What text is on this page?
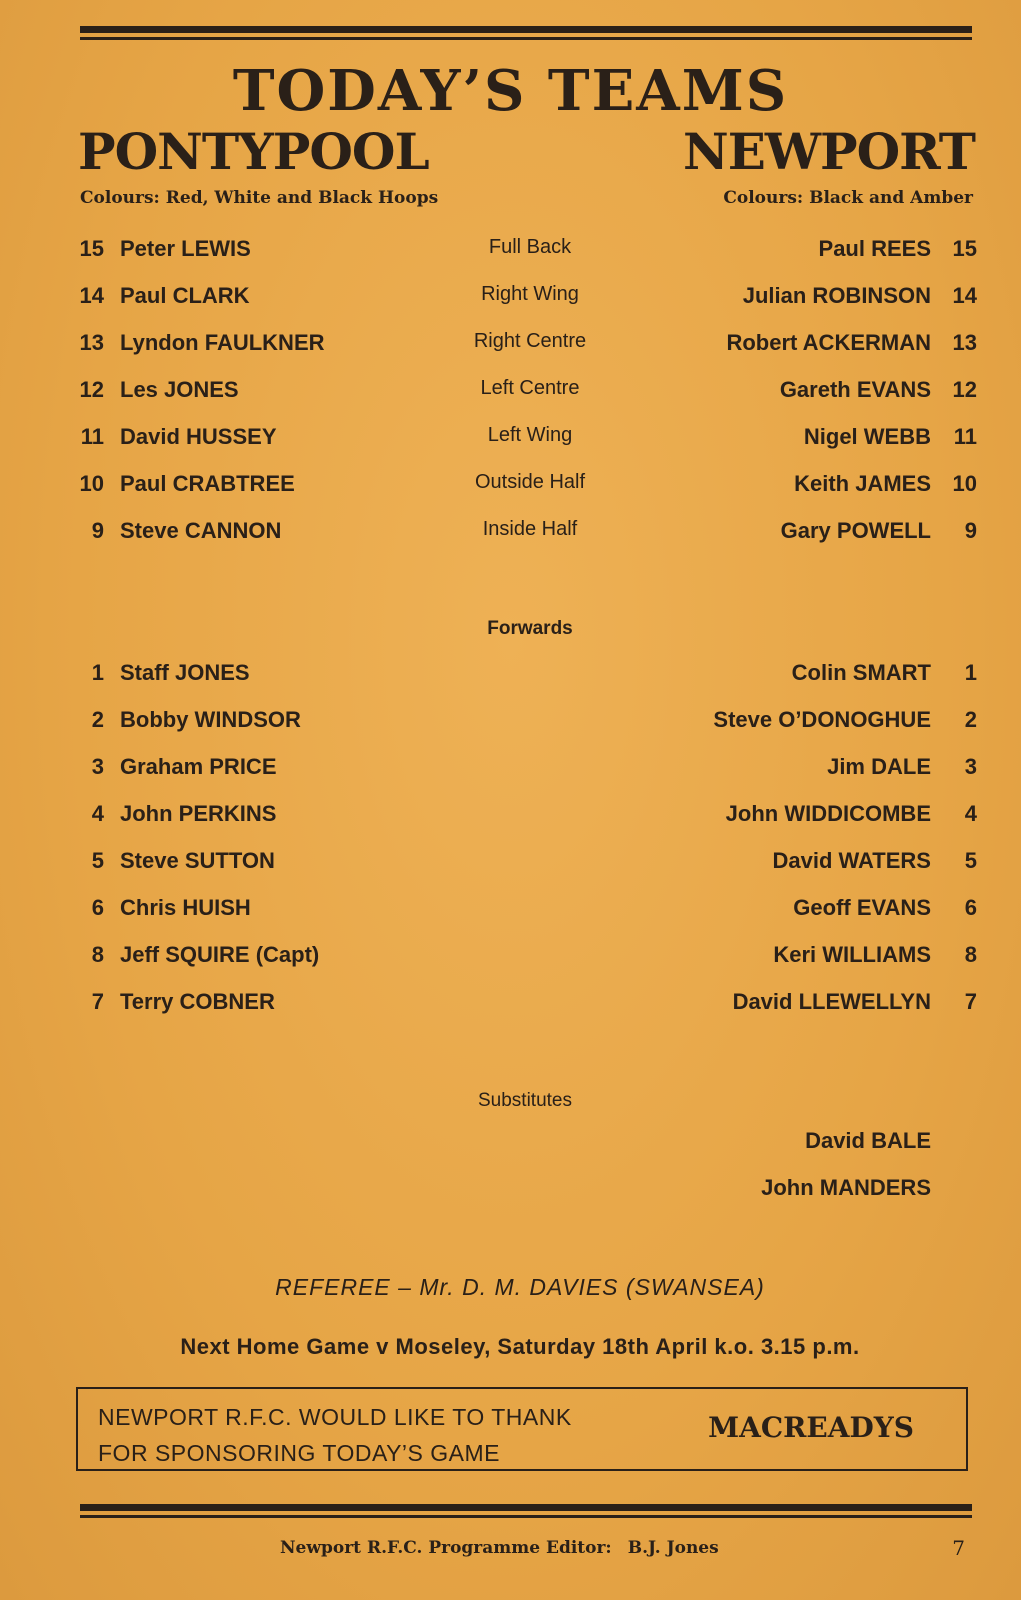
TODAY’S TEAMS
PONTYPOOL	NEWPORT
Colours: Red, White and Black Hoops	Colours: Black and Amber
15 Peter LEWIS	Full Back	Paul REES 15
14 Paul CLARK	Right Wing	Julian ROBINSON 14
13 Lyndon FAULKNER	Right Centre	Robert ACKERMAN 13
12 Les JONES	Left Centre	Gareth EVANS 12
11 David HUSSEY	Left Wing	Nigel WEBB	11
10 Paul CRABTREE	Outside Half	Keith JAMES 10
9 Steve CANNON	Inside Half	Gary POWELL	9
Forwards
1 Staff JONES	Colin SMART	1
2 Bobby WINDSOR	Steve O’DONOGHUE	2
3 Graham PRICE	Jim DALE	3
4 John PERKINS	John WIDDICOMBE	4
5 Steve SUTTON	David WATERS	5
6 Chris HUISH	Geoff EVANS	6
8 Jeff SQUIRE (Capt)	Keri WILLIAMS	8
7 Terry COBNER	David LLEWELLYN	7
Substitutes
David BALE
John MANDERS
REFEREE – Mr. D. M. DAVIES (SWANSEA)
Next Home Game v Moseley, Saturday 18th April k.o. 3.15 p.m.
NEWPORT R.F.C. WOULD LIKE TO THANK
FOR SPONSORING TODAY’S GAME
MACREADYS
Newport R.F.C. Programme Editor: B.J. Jones	7
